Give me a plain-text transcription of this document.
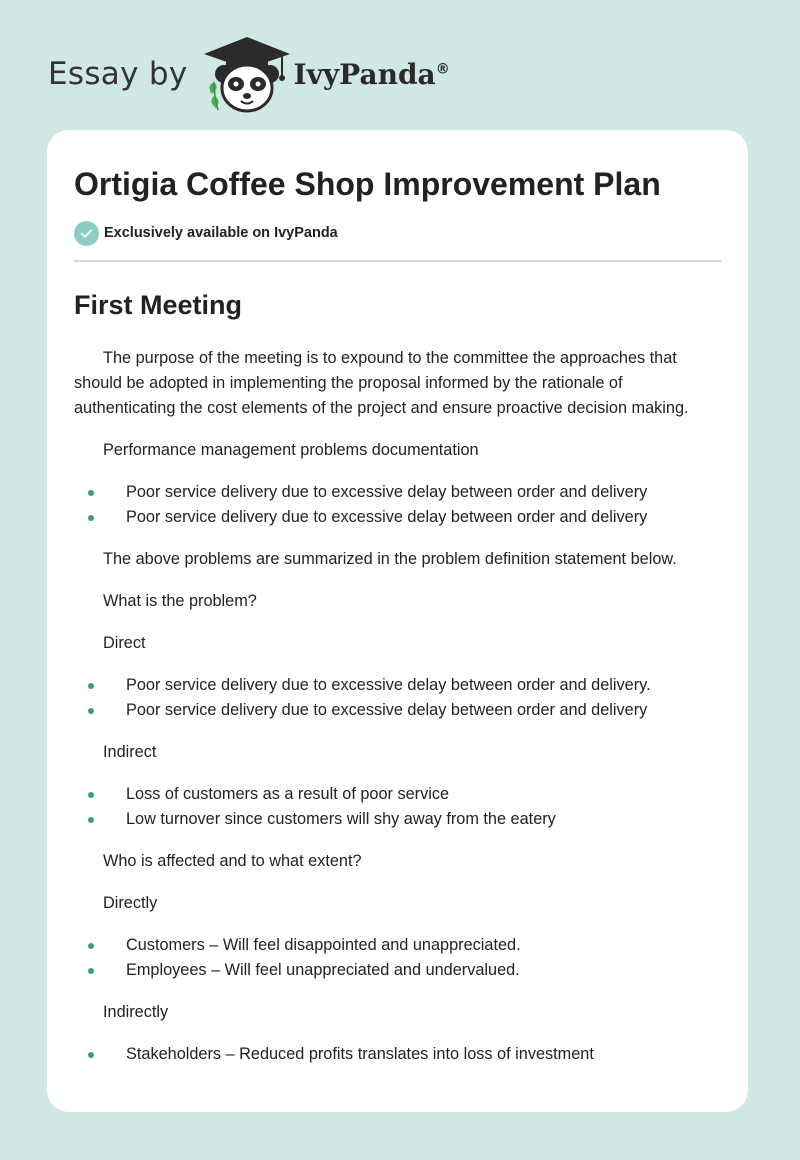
Essay by	IvyPanda®
Ortigia Coffee Shop Improvement Plan
Exclusively available on IvyPanda
First Meeting

The purpose of the meeting is to expound to the committee the approaches that should be adopted in implementing the proposal informed by the rationale of authenticating the cost elements of the project and ensure proactive decision making.

Performance management problems documentation

Poor service delivery due to excessive delay between order and delivery
Poor service delivery due to excessive delay between order and delivery

The above problems are summarized in the problem definition statement below.

What is the problem?

Direct

Poor service delivery due to excessive delay between order and delivery.
Poor service delivery due to excessive delay between order and delivery

Indirect

Loss of customers as a result of poor service
Low turnover since customers will shy away from the eatery

Who is affected and to what extent?

Directly

Customers – Will feel disappointed and unappreciated.
Employees – Will feel unappreciated and undervalued.

Indirectly

Stakeholders – Reduced profits translates into loss of investment
